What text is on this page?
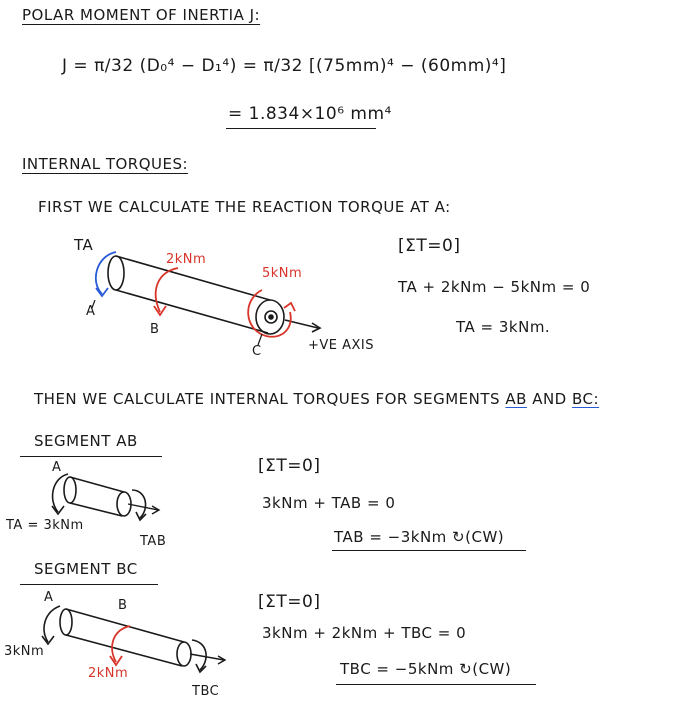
POLAR MOMENT OF INERTIA J:
J = π/32 (D₀⁴ − D₁⁴) = π/32 [(75mm)⁴ − (60mm)⁴]
= 1.834×10⁶ mm⁴
INTERNAL TORQUES:
FIRST WE CALCULATE THE REACTION TORQUE AT A:
TA
A
B
C
2kNm
5kNm
+VE AXIS
[ΣT=0]
TA + 2kNm − 5kNm = 0
TA = 3kNm.
THEN WE CALCULATE INTERNAL TORQUES FOR SEGMENTS AB AND BC:
SEGMENT AB
A
TA = 3kNm
TAB
[ΣT=0]
3kNm + TAB = 0
TAB = −3kNm ↻(CW)
SEGMENT BC
A
B
3kNm
2kNm
TBC
[ΣT=0]
3kNm + 2kNm + TBC = 0
TBC = −5kNm ↻(CW)
